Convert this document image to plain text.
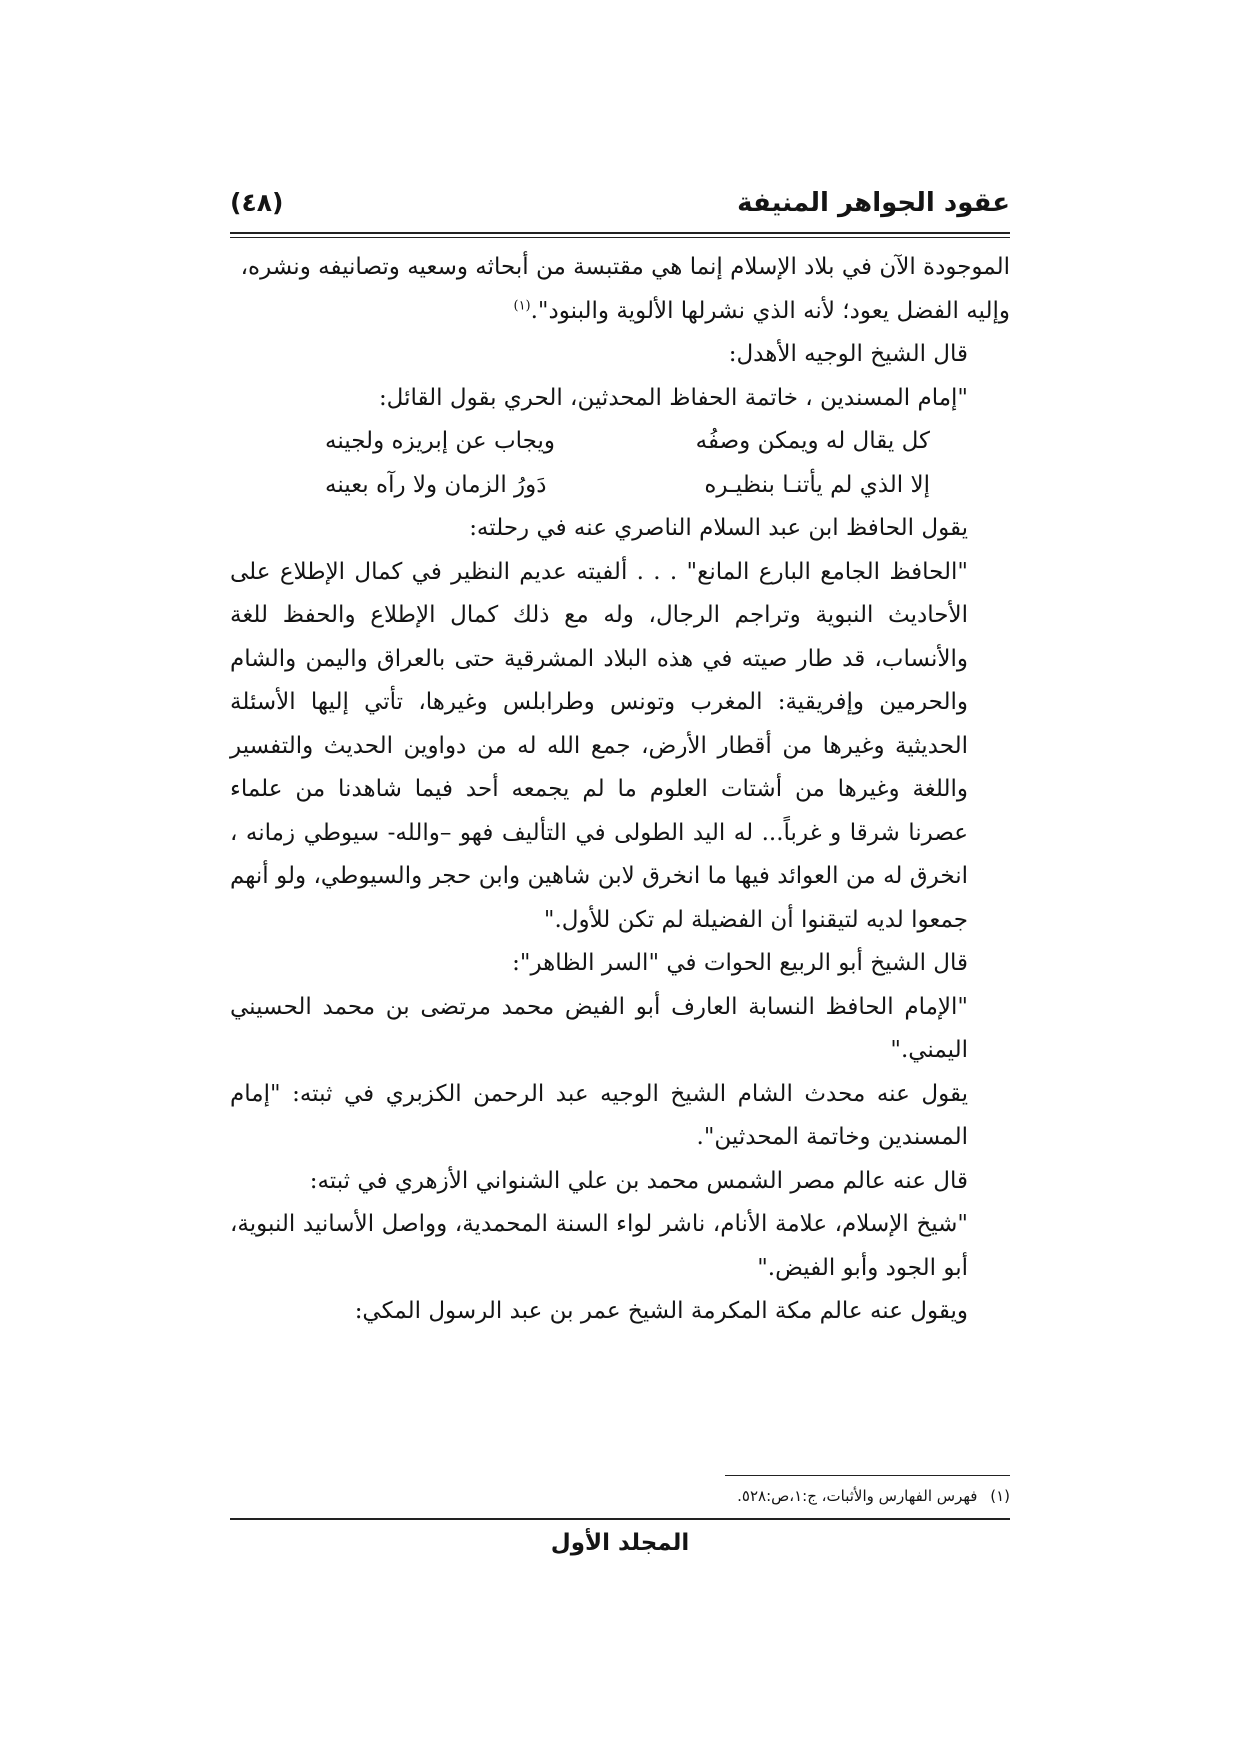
عقود الجواهر المنيفة
(٤٨)

الموجودة الآن في بلاد الإسلام إنما هي مقتبسة من أبحاثه وسعيه وتصانيفه ونشره،

وإليه الفضل يعود؛ لأنه الذي نشرلها الألوية والبنود".$^{(١)}$

قال الشيخ الوجيه الأهدل:

"إمام المسندين ، خاتمة الحفاظ المحدثين، الحري بقول القائل:

كل يقال له ويمكن وصفُه
ويجاب عن إبريزه ولجينه
إلا الذي لم يأتنـا بنظيـره
دَورُ الزمان ولا رآه بعينه

يقول الحافظ ابن عبد السلام الناصري عنه في رحلته:

"الحافظ الجامع البارع المانع" . . . ألفيته عديم النظير في كمال الإطلاع على الأحاديث النبوية وتراجم الرجال، وله مع ذلك كمال الإطلاع والحفظ للغة والأنساب، قد طار صيته في هذه البلاد المشرقية حتى بالعراق واليمن والشام والحرمين وإفريقية: المغرب وتونس وطرابلس وغيرها، تأتي إليها الأسئلة الحديثية وغيرها من أقطار الأرض، جمع الله له من دواوين الحديث والتفسير واللغة وغيرها من أشتات العلوم ما لم يجمعه أحد فيما شاهدنا من علماء عصرنا شرقا و غرباً... له اليد الطولى في التأليف فهو –والله- سيوطي زمانه ، انخرق له من العوائد فيها ما انخرق لابن شاهين وابن حجر والسيوطي، ولو أنهم جمعوا لديه لتيقنوا أن الفضيلة لم تكن للأول."

قال الشيخ أبو الربيع الحوات في "السر الظاهر":

"الإمام الحافظ النسابة العارف أبو الفيض محمد مرتضى بن محمد الحسيني اليمني."

يقول عنه محدث الشام الشيخ الوجيه عبد الرحمن الكزبري في ثبته: "إمام المسندين وخاتمة المحدثين".

قال عنه عالم مصر الشمس محمد بن علي الشنواني الأزهري في ثبته:

"شيخ الإسلام، علامة الأنام، ناشر لواء السنة المحمدية، وواصل الأسانيد النبوية، أبو الجود وأبو الفيض."

ويقول عنه عالم مكة المكرمة الشيخ عمر بن عبد الرسول المكي:

(١) فهرس الفهارس والأثبات، ج:١،ص:٥٢٨.
المجلد الأول
